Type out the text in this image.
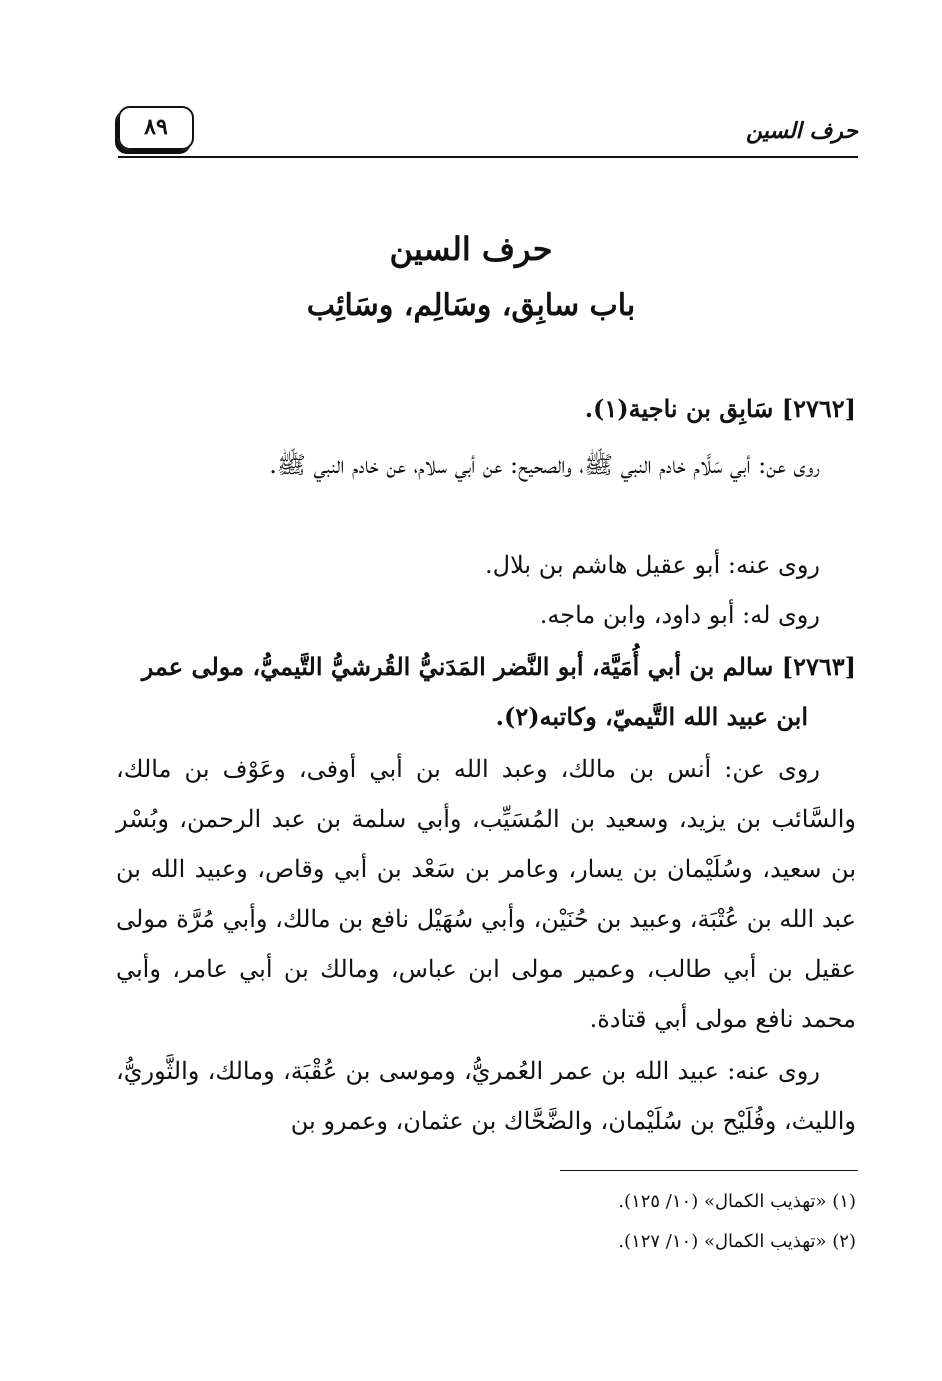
حرف السين
٨٩
حرف السين
باب سابِق، وسَالِم، وسَائِب
[٢٧٦٢] سَابِق بن ناجية(١).
روى عن: أبي سَلَّام خادم النبي ﷺ، والصحيح: عن أبي سلام، عن خادم النبي ﷺ.
روى عنه: أبو عقيل هاشم بن بلال.
روى له: أبو داود، وابن ماجه.
[٢٧٦٣] سالم بن أبي أُمَيَّة، أبو النَّضر المَدَنيُّ القُرشيُّ التَّيميُّ، مولى عمر
ابن عبيد الله التَّيميّ، وكاتبه(٢).
روى عن: أنس بن مالك، وعبد الله بن أبي أوفى، وعَوْف بن مالك، والسَّائب بن يزيد، وسعيد بن المُسَيِّب، وأبي سلمة بن عبد الرحمن، وبُسْر بن سعيد، وسُلَيْمان بن يسار، وعامر بن سَعْد بن أبي وقاص، وعبيد الله بن عبد الله بن عُتْبَة، وعبيد بن حُنَيْن، وأبي سُهَيْل نافع بن مالك، وأبي مُرَّة مولى عقيل بن أبي طالب، وعمير مولى ابن عباس، ومالك بن أبي عامر، وأبي محمد نافع مولى أبي قتادة.
روى عنه: عبيد الله بن عمر العُمريُّ، وموسى بن عُقْبَة، ومالك، والثَّوريُّ، والليث، وفُلَيْح بن سُلَيْمان، والضَّحَّاك بن عثمان، وعمرو بن
(١) «تهذيب الكمال» (١٠/ ١٢٥).
(٢) «تهذيب الكمال» (١٠/ ١٢٧).
